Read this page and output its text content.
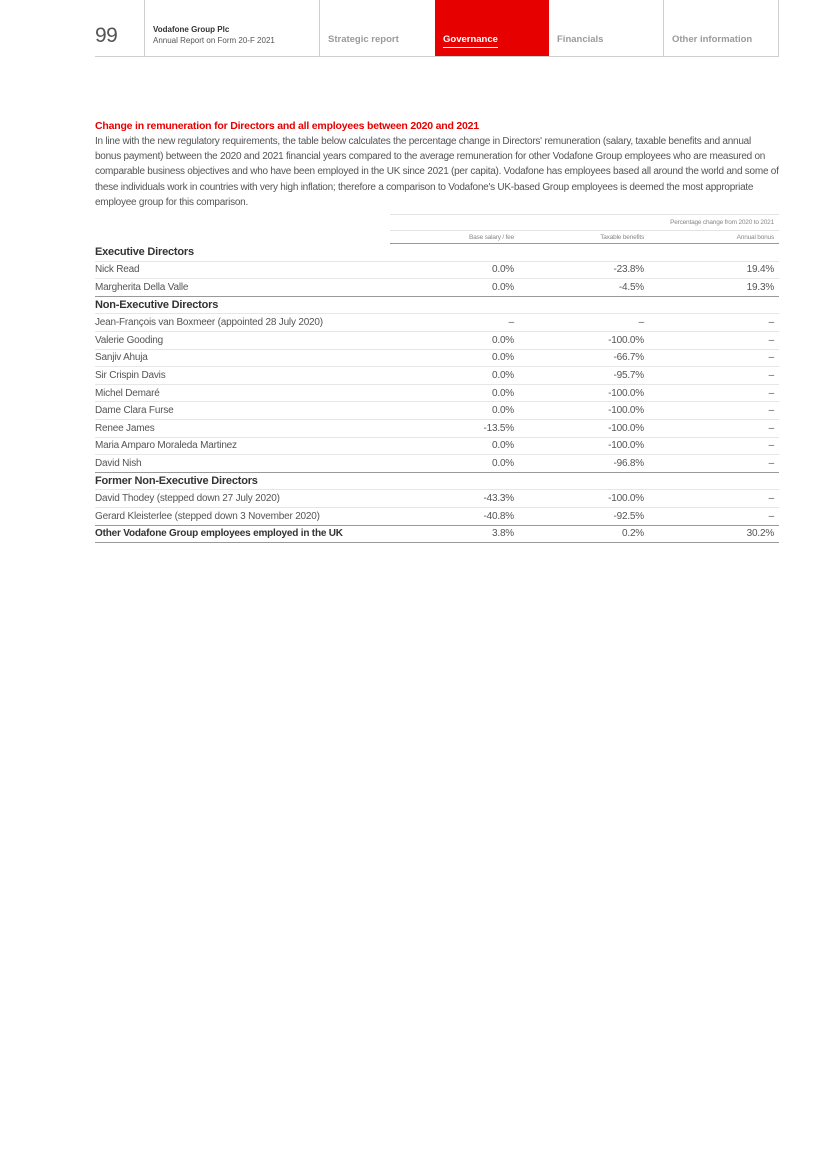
99	Vodafone Group Plc
Annual Report on Form 20-F 2021	Strategic report	Governance	Financials	Other information
Change in remuneration for Directors and all employees between 2020 and 2021

In line with the new regulatory requirements, the table below calculates the percentage change in Directors' remuneration (salary, taxable benefits and annual bonus payment) between the 2020 and 2021 financial years compared to the average remuneration for other Vodafone Group employees who are measured on comparable business objectives and who have been employed in the UK since 2021 (per capita). Vodafone has employees based all around the world and some of these individuals work in countries with very high inflation; therefore a comparison to Vodafone's UK-based Group employees is deemed the most appropriate employee group for this comparison.

	Percentage change from 2020 to 2021		
	Base salary / fee	Taxable benefits	Annual bonus
Executive Directors			
Nick Read	0.0%	-23.8%	19.4%
Margherita Della Valle	0.0%	-4.5%	19.3%
Non-Executive Directors			
Jean-François van Boxmeer (appointed 28 July 2020)	–	–	–
Valerie Gooding	0.0%	-100.0%	–
Sanjiv Ahuja	0.0%	-66.7%	–
Sir Crispin Davis	0.0%	-95.7%	–
Michel Demaré	0.0%	-100.0%	–
Dame Clara Furse	0.0%	-100.0%	–
Renee James	-13.5%	-100.0%	–
Maria Amparo Moraleda Martinez	0.0%	-100.0%	–
David Nish	0.0%	-96.8%	–
Former Non-Executive Directors			
David Thodey (stepped down 27 July 2020)	-43.3%	-100.0%	–
Gerard Kleisterlee (stepped down 3 November 2020)	-40.8%	-92.5%	–
Other Vodafone Group employees employed in the UK	3.8%	0.2%	30.2%
